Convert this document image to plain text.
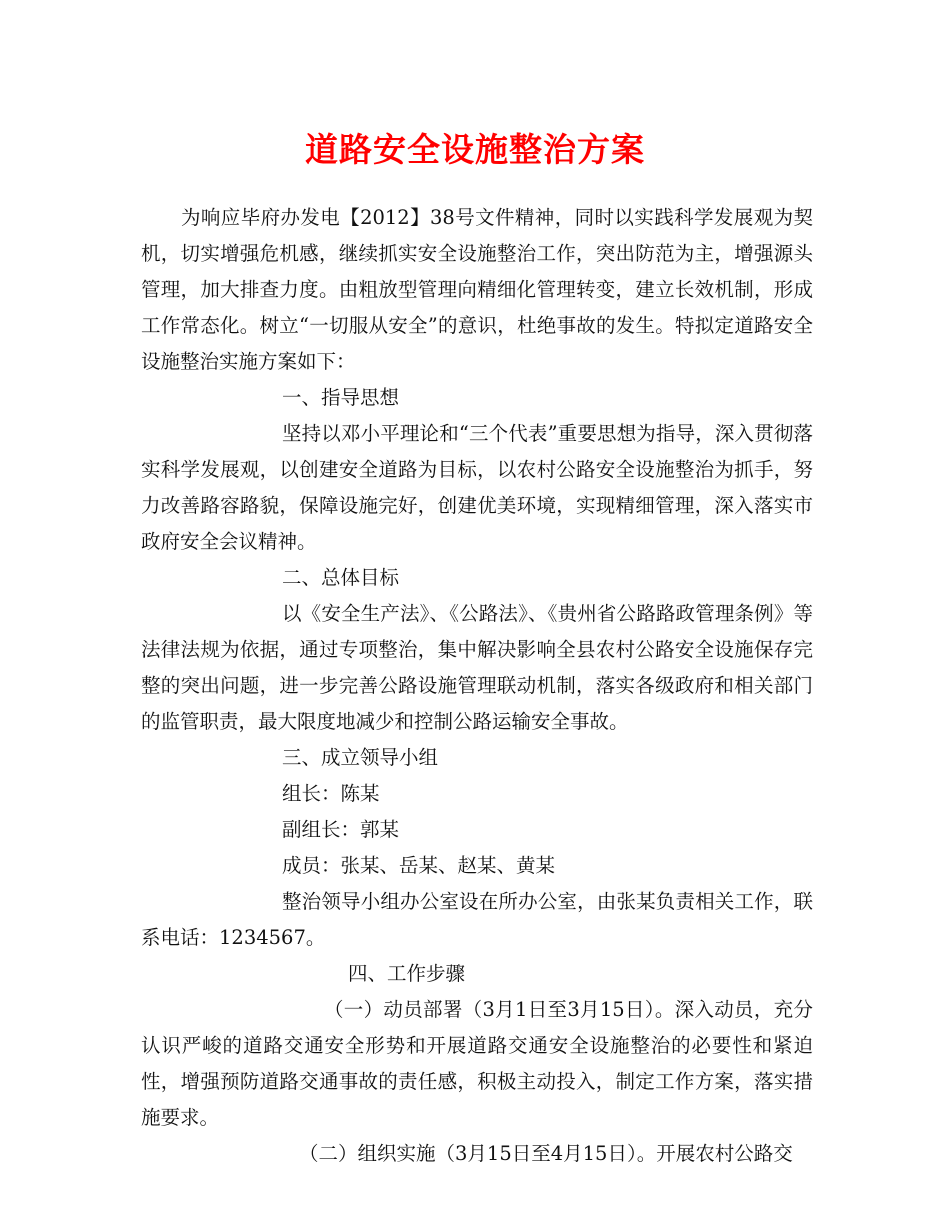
道路安全设施整治方案

为响应毕府办发电【2012】38号文件精神，同时以实践科学发展观为契机，切实增强危机感，继续抓实安全设施整治工作，突出防范为主，增强源头管理，加大排查力度。由粗放型管理向精细化管理转变，建立长效机制，形成工作常态化。树立“一切服从安全”的意识，杜绝事故的发生。特拟定道路安全设施整治实施方案如下：

一、指导思想

坚持以邓小平理论和“三个代表”重要思想为指导，深入贯彻落实科学发展观，以创建安全道路为目标，以农村公路安全设施整治为抓手，努力改善路容路貌，保障设施完好，创建优美环境，实现精细管理，深入落实市政府安全会议精神。

二、总体目标

以《安全生产法》、《公路法》、《贵州省公路路政管理条例》等法律法规为依据，通过专项整治，集中解决影响全县农村公路安全设施保存完整的突出问题，进一步完善公路设施管理联动机制，落实各级政府和相关部门的监管职责，最大限度地减少和控制公路运输安全事故。

三、成立领导小组

组长：陈某

副组长：郭某

成员：张某、岳某、赵某、黄某

整治领导小组办公室设在所办公室，由张某负责相关工作，联系电话：1234567。

四、工作步骤

（一）动员部署（3月1日至3月15日）。深入动员，充分认识严峻的道路交通安全形势和开展道路交通安全设施整治的必要性和紧迫性，增强预防道路交通事故的责任感，积极主动投入，制定工作方案，落实措施要求。

（二）组织实施（3月15日至4月15日）。开展农村公路交
